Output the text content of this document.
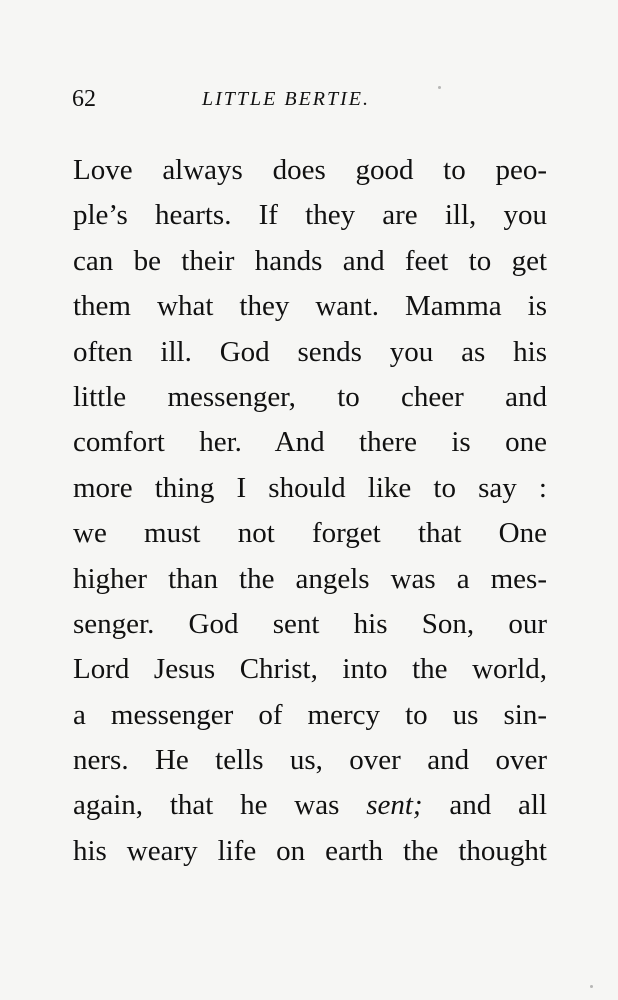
62	LITTLE BERTIE.
Love always does good to peo-
ple’s hearts. If they are ill, you
can be their hands and feet to get
them what they want. Mamma is
often ill. God sends you as his
little messenger, to cheer and
comfort her. And there is one
more thing I should like to say :
we must not forget that One
higher than the angels was a mes-
senger. God sent his Son, our
Lord Jesus Christ, into the world,
a messenger of mercy to us sin-
ners. He tells us, over and over
again, that he was sent; and all
his weary life on earth the thought
